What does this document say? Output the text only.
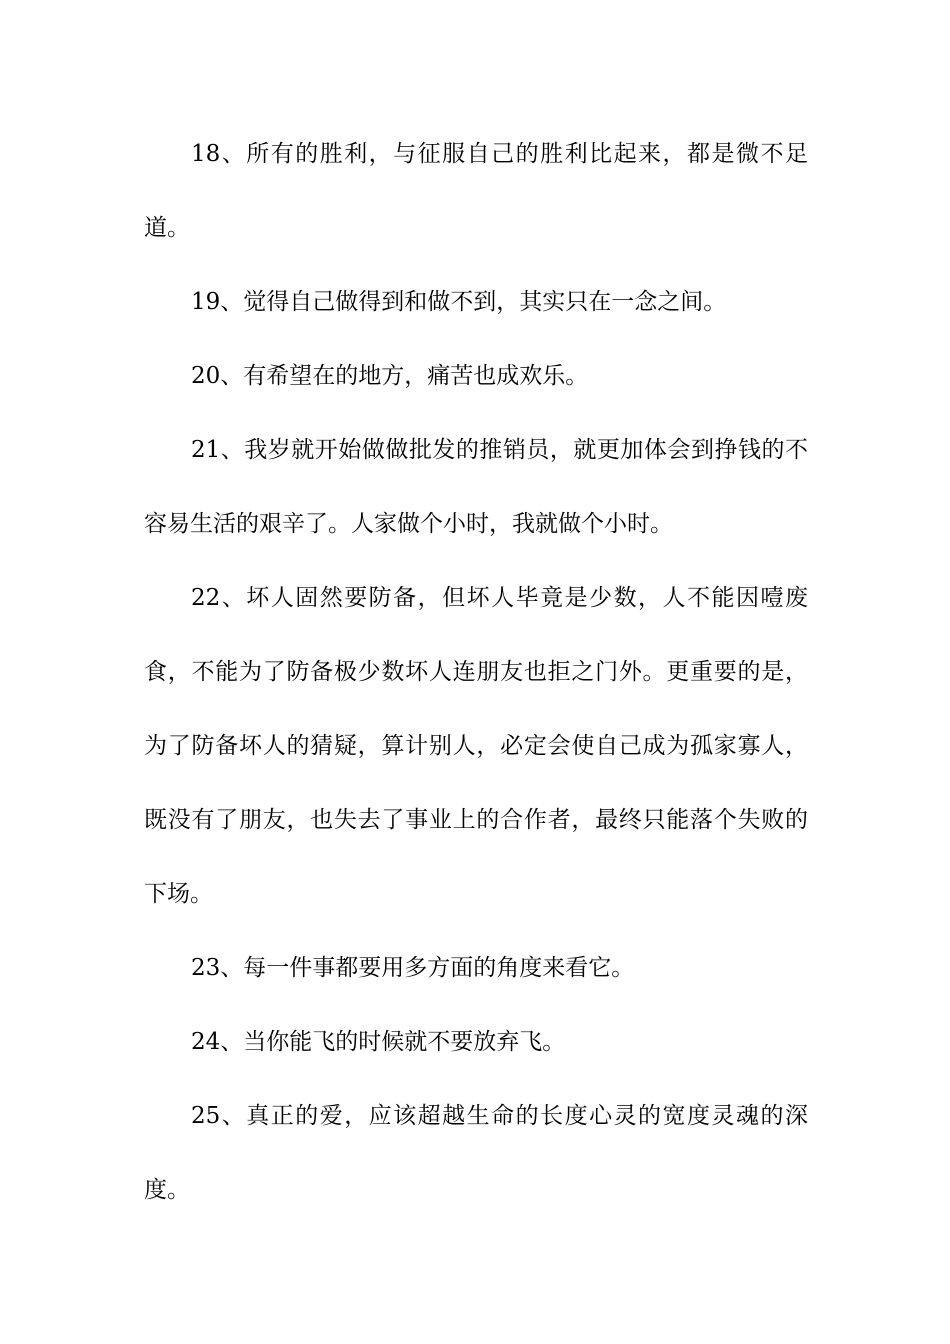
18、所有的胜利，与征服自己的胜利比起来，都是微不足道。

19、觉得自己做得到和做不到，其实只在一念之间。

20、有希望在的地方，痛苦也成欢乐。

21、我岁就开始做做批发的推销员，就更加体会到挣钱的不容易生活的艰辛了。人家做个小时，我就做个小时。

22、坏人固然要防备，但坏人毕竟是少数，人不能因噎废食，不能为了防备极少数坏人连朋友也拒之门外。更重要的是，为了防备坏人的猜疑，算计别人，必定会使自己成为孤家寡人，既没有了朋友，也失去了事业上的合作者，最终只能落个失败的下场。

23、每一件事都要用多方面的角度来看它。

24、当你能飞的时候就不要放弃飞。

25、真正的爱，应该超越生命的长度心灵的宽度灵魂的深度。
